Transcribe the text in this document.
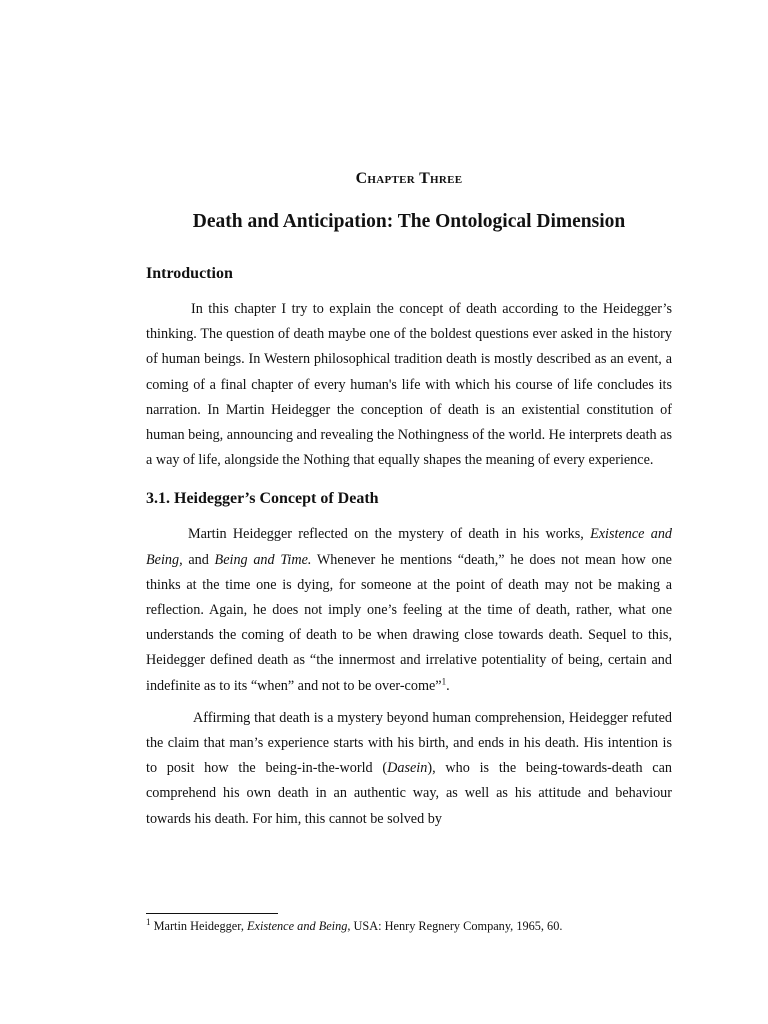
Chapter Three
Death and Anticipation: The Ontological Dimension
Introduction

In this chapter I try to explain the concept of death according to the Heidegger’s thinking. The question of death maybe one of the boldest questions ever asked in the history of human beings. In Western philosophical tradition death is mostly described as an event, a coming of a final chapter of every human's life with which his course of life concludes its narration. In Martin Heidegger the conception of death is an existential constitution of human being, announcing and revealing the Nothingness of the world. He interprets death as a way of life, alongside the Nothing that equally shapes the meaning of every experience.

3.1. Heidegger’s Concept of Death

Martin Heidegger reflected on the mystery of death in his works, Existence and Being, and Being and Time. Whenever he mentions “death,” he does not mean how one thinks at the time one is dying, for someone at the point of death may not be making a reflection. Again, he does not imply one’s feeling at the time of death, rather, what one understands the coming of death to be when drawing close towards death. Sequel to this, Heidegger defined death as “the innermost and irrelative potentiality of being, certain and indefinite as to its “when” and not to be over-come”$^1$.

Affirming that death is a mystery beyond human comprehension, Heidegger refuted the claim that man’s experience starts with his birth, and ends in his death. His intention is to posit how the being-in-the-world (Dasein), who is the being-towards-death can comprehend his own death in an authentic way, as well as his attitude and behaviour towards his death. For him, this cannot be solved by

$^1$ Martin Heidegger, Existence and Being, USA: Henry Regnery Company, 1965, 60.
